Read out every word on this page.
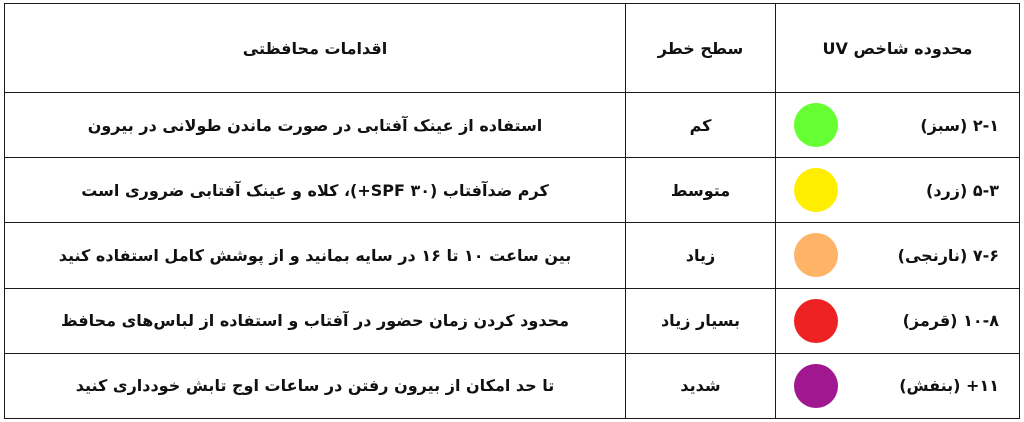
محدوده شاخص UV	سطح خطر	اقدامات محافظتی

۲-۱ (سبز)	کم	استفاده از عینک آفتابی در صورت ماندن طولانی در بیرون

۵-۳ (زرد)	متوسط	کرم ضدآفتاب (SPF ۳۰+)، کلاه و عینک آفتابی ضروری است

۷-۶ (نارنجی)	زیاد	بین ساعت ۱۰ تا ۱۶ در سایه بمانید و از پوشش کامل استفاده کنید

۱۰-۸ (قرمز)	بسیار زیاد	محدود کردن زمان حضور در آفتاب و استفاده از لباس‌های محافظ

۱۱+ (بنفش)	شدید	تا حد امکان از بیرون رفتن در ساعات اوج تابش خودداری کنید
